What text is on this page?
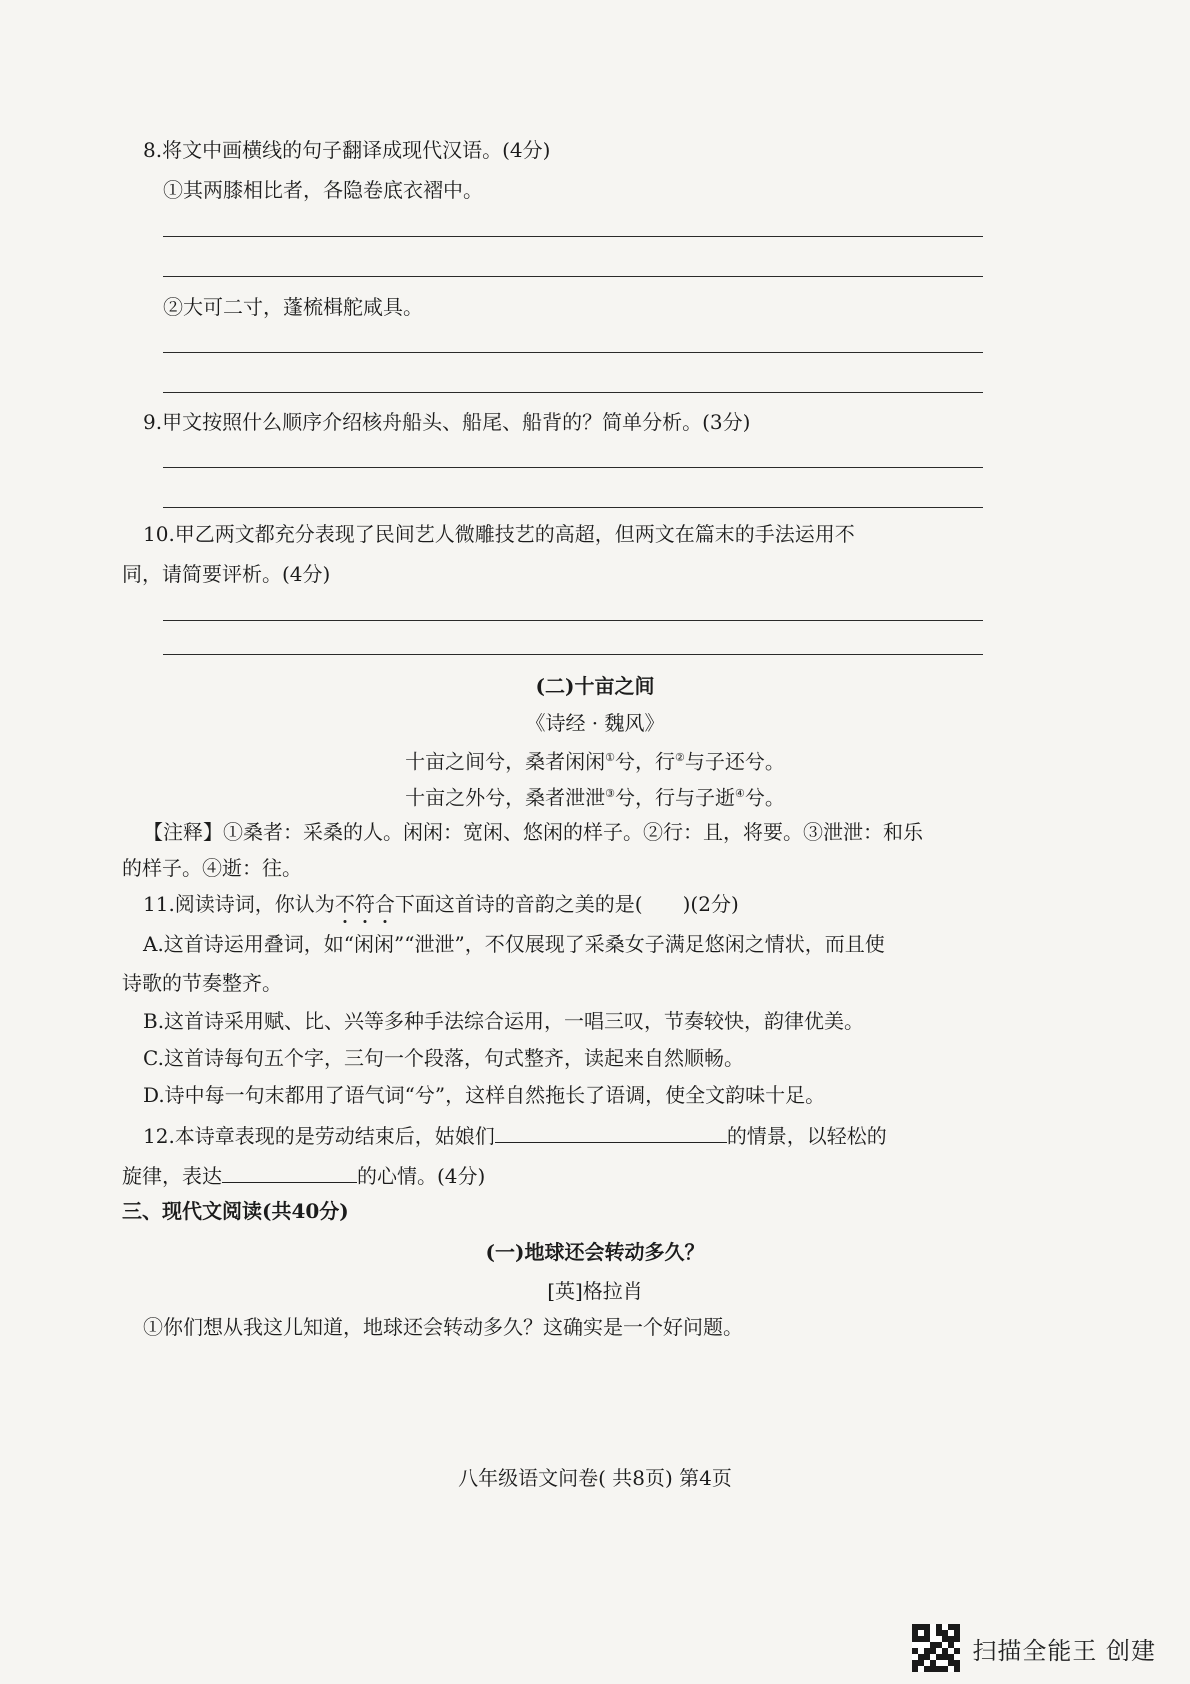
8.将文中画横线的句子翻译成现代汉语。(4分)
①其两膝相比者，各隐卷底衣褶中。
②大可二寸，蓬梳楫舵咸具。
9.甲文按照什么顺序介绍核舟船头、船尾、船背的？简单分析。(3分)
10.甲乙两文都充分表现了民间艺人微雕技艺的高超，但两文在篇末的手法运用不
同，请简要评析。(4分)
(二)十亩之间
《诗经 · 魏风》
十亩之间兮，桑者闲闲①兮，行②与子还兮。
十亩之外兮，桑者泄泄③兮，行与子逝④兮。
【注释】①桑者：采桑的人。闲闲：宽闲、悠闲的样子。②行：且，将要。③泄泄：和乐
的样子。④逝：往。
11.阅读诗词，你认为不
符
合
下面这首诗的音韵之美的是(　　)(2分)
A.这首诗运用叠词，如“闲闲”“泄泄”，不仅展现了采桑女子满足悠闲之情状，而且使
诗歌的节奏整齐。
B.这首诗采用赋、比、兴等多种手法综合运用，一唱三叹，节奏较快，韵律优美。
C.这首诗每句五个字，三句一个段落，句式整齐，读起来自然顺畅。
D.诗中每一句末都用了语气词“兮”，这样自然拖长了语调，使全文韵味十足。
12.本诗章表现的是劳动结束后，姑娘们	的情景，以轻松的
旋律，表达	的心情。(4分)
三、现代文阅读(共40分)
(一)地球还会转动多久？
[英]格拉肖
①你们想从我这儿知道，地球还会转动多久？这确实是一个好问题。
八年级语文问卷( 共8页) 第4页
扫描全能王 创建
